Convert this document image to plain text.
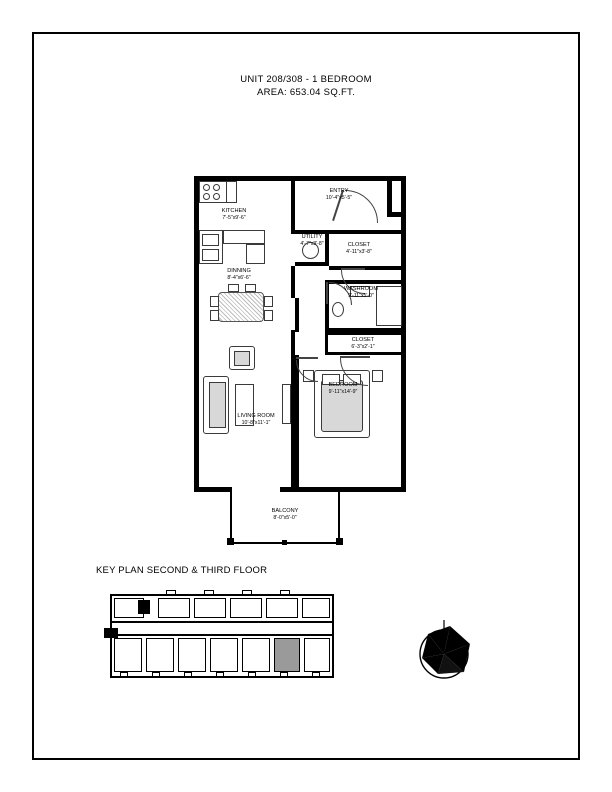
UNIT 208/308 - 1 BEDROOM
AREA: 653.04 SQ.FT.
ENTRY
10'-4"x5'-5"
KITCHEN
7'-5"x9'-6"
UTILITY
4'-7"x3'-8"	CLOSET
4'-11"x3'-8"
DINNING
8'-4"x6'-6"
WASHROOM
9'-11"x5'-0"
CLOSET
6'-3"x2'-1"
BEDROOM
9'-11"x14'-9"
LIVING ROOM
10'-8"x11'-1"
BALCONY
8'-0"x5'-0"
KEY PLAN SECOND & THIRD FLOOR
